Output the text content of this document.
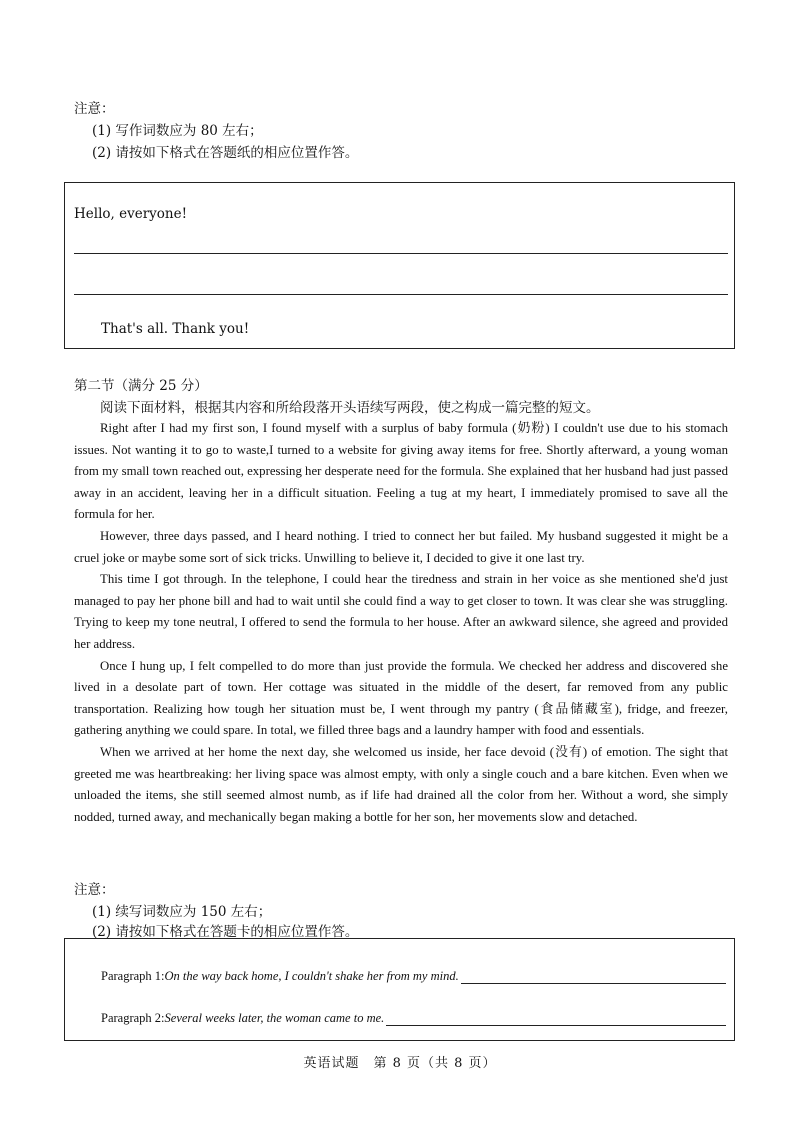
注意：
(1) 写作词数应为 80 左右；
(2) 请按如下格式在答题纸的相应位置作答。
Hello, everyone!
That's all. Thank you!
第二节（满分 25 分）
阅读下面材料，根据其内容和所给段落开头语续写两段，使之构成一篇完整的短文。

Right after I had my first son, I found myself with a surplus of baby formula (奶粉) I couldn't use due to his stomach issues. Not wanting it to go to waste,I turned to a website for giving away items for free. Shortly afterward, a young woman from my small town reached out, expressing her desperate need for the formula. She explained that her husband had just passed away in an accident, leaving her in a difficult situation. Feeling a tug at my heart, I immediately promised to save all the formula for her.

However, three days passed, and I heard nothing. I tried to connect her but failed. My husband suggested it might be a cruel joke or maybe some sort of sick tricks. Unwilling to believe it, I decided to give it one last try.

This time I got through. In the telephone, I could hear the tiredness and strain in her voice as she mentioned she'd just managed to pay her phone bill and had to wait until she could find a way to get closer to town. It was clear she was struggling. Trying to keep my tone neutral, I offered to send the formula to her house. After an awkward silence, she agreed and provided her address.

Once I hung up, I felt compelled to do more than just provide the formula. We checked her address and discovered she lived in a desolate part of town. Her cottage was situated in the middle of the desert, far removed from any public transportation. Realizing how tough her situation must be, I went through my pantry (食品储藏室), fridge, and freezer, gathering anything we could spare. In total, we filled three bags and a laundry hamper with food and essentials.

When we arrived at her home the next day, she welcomed us inside, her face devoid (没有) of emotion. The sight that greeted me was heartbreaking: her living space was almost empty, with only a single couch and a bare kitchen. Even when we unloaded the items, she still seemed almost numb, as if life had drained all the color from her. Without a word, she simply nodded, turned away, and mechanically began making a bottle for her son, her movements slow and detached.

注意：
(1) 续写词数应为 150 左右；
(2) 请按如下格式在答题卡的相应位置作答。
Paragraph 1: On the way back home, I couldn't shake her from my mind.
Paragraph 2: Several weeks later, the woman came to me.
英语试题　第 8 页（共 8 页）
